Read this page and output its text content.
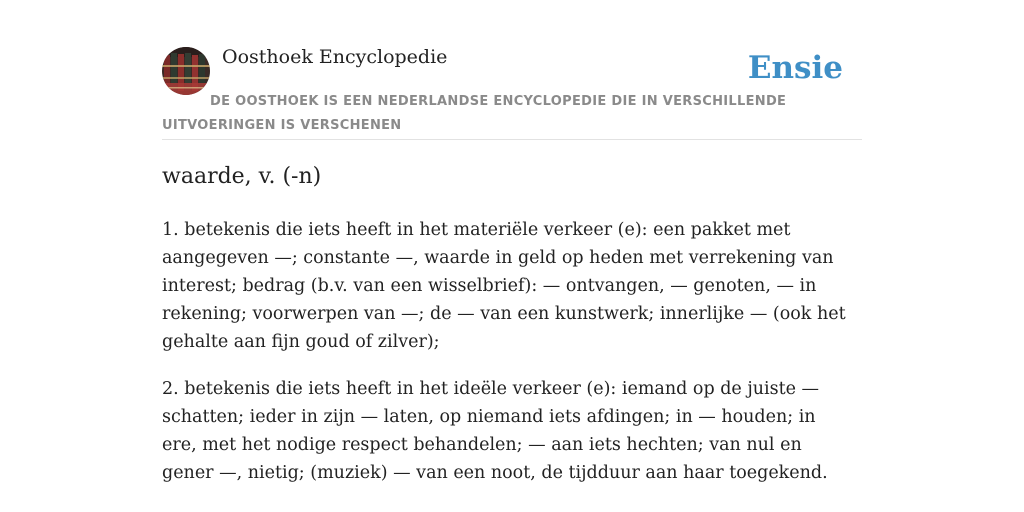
Oosthoek Encyclopedie	Ensie
DE OOSTHOEK IS EEN NEDERLANDSE ENCYCLOPEDIE DIE IN VERSCHILLENDE UITVOERINGEN IS VERSCHENEN
waarde, v. (-n)

1. betekenis die iets heeft in het materiële verkeer (e): een pakket met aangegeven —; constante —, waarde in geld op heden met verrekening van interest; bedrag (b.v. van een wisselbrief): — ontvangen, — genoten, — in rekening; voorwerpen van —; de — van een kunstwerk; innerlijke — (ook het gehalte aan fijn goud of zilver);

2. betekenis die iets heeft in het ideële verkeer (e): iemand op de juiste — schatten; ieder in zijn — laten, op niemand iets afdingen; in — houden; in ere, met het nodige respect behandelen; — aan iets hechten; van nul en gener —, nietig; (muziek) — van een noot, de tijdduur aan haar toegekend.
